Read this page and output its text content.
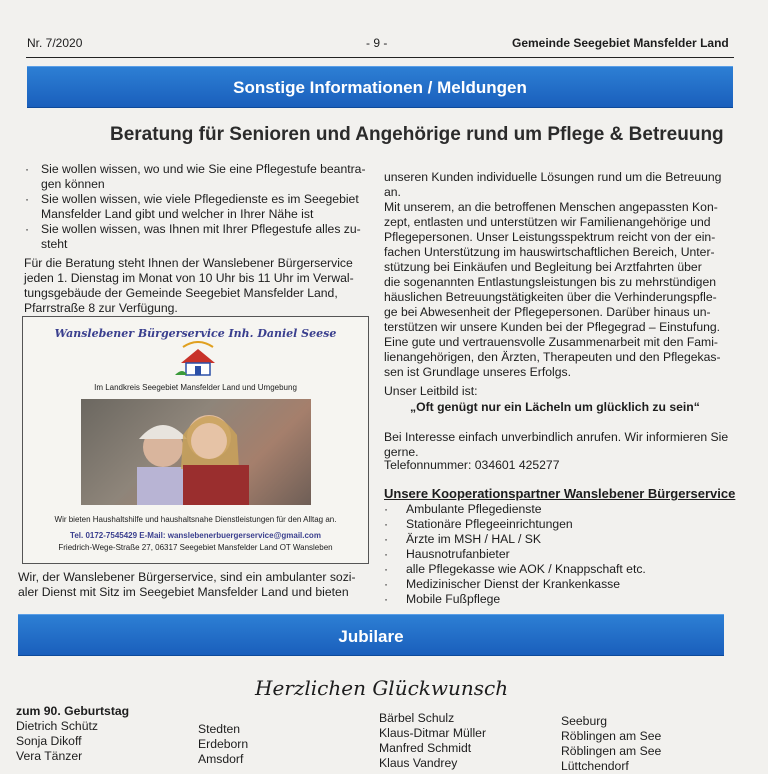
Nr. 7/2020	- 9 -	Gemeinde Seegebiet Mansfelder Land
Sonstige Informationen / Meldungen
Beratung für Senioren und Angehörige rund um Pflege & Betreuung
· Sie wollen wissen, wo und wie Sie eine Pflegestufe beantra-
gen können
· Sie wollen wissen, wie viele Pflegedienste es im Seegebiet
Mansfelder Land gibt und welcher in Ihrer Nähe ist
· Sie wollen wissen, was Ihnen mit Ihrer Pflegestufe alles zu-
steht
Für die Beratung steht Ihnen der Wanslebener Bürgerservice
jeden 1. Dienstag im Monat von 10 Uhr bis 11 Uhr im Verwal-
tungsgebäude der Gemeinde Seegebiet Mansfelder Land,
Pfarrstraße 8 zur Verfügung.
Wanslebener Bürgerservice Inh. Daniel Seese
Im Landkreis Seegebiet Mansfelder Land und Umgebung
Wir bieten Haushaltshilfe und haushaltsnahe Dienstleistungen für den Alltag an.
Tel. 0172-7545429 E-Mail: wanslebenerbuergerservice@gmail.com
Friedrich-Wege-Straße 27, 06317 Seegebiet Mansfelder Land OT Wansleben
Wir, der Wanslebener Bürgerservice, sind ein ambulanter sozi-
aler Dienst mit Sitz im Seegebiet Mansfelder Land und bieten
unseren Kunden individuelle Lösungen rund um die Betreuung
an.
Mit unserem, an die betroffenen Menschen angepassten Kon-
zept, entlasten und unterstützen wir Familienangehörige und
Pflegepersonen. Unser Leistungsspektrum reicht von der ein-
fachen Unterstützung im hauswirtschaftlichen Bereich, Unter-
stützung bei Einkäufen und Begleitung bei Arztfahrten über
die sogenannten Entlastungsleistungen bis zu mehrstündigen
häuslichen Betreuungstätigkeiten über die Verhinderungspfle-
ge bei Abwesenheit der Pflegepersonen. Darüber hinaus un-
terstützen wir unsere Kunden bei der Pflegegrad – Einstufung.
Eine gute und vertrauensvolle Zusammenarbeit mit den Fami-
lienangehörigen, den Ärzten, Therapeuten und den Pflegekas-
sen ist Grundlage unseres Erfolgs.
Unser Leitbild ist:
„Oft genügt nur ein Lächeln um glücklich zu sein“
Bei Interesse einfach unverbindlich anrufen. Wir informieren Sie
gerne.
Telefonnummer: 034601 425277
Unsere Kooperationspartner Wanslebener Bürgerservice
· Ambulante Pflegedienste
· Stationäre Pflegeeinrichtungen
· Ärzte im MSH / HAL / SK
· Hausnotrufanbieter
· alle Pflegekasse wie AOK / Knappschaft etc.
· Medizinischer Dienst der Krankenkasse
· Mobile Fußpflege
Jubilare
Herzlichen Glückwunsch
zum 90. Geburtstag
Dietrich Schütz
Sonja Dikoff
Vera Tänzer
Stedten
Erdeborn
Amsdorf
Bärbel Schulz
Klaus-Ditmar Müller
Manfred Schmidt
Klaus Vandrey
Seeburg
Röblingen am See
Röblingen am See
Lüttchendorf
